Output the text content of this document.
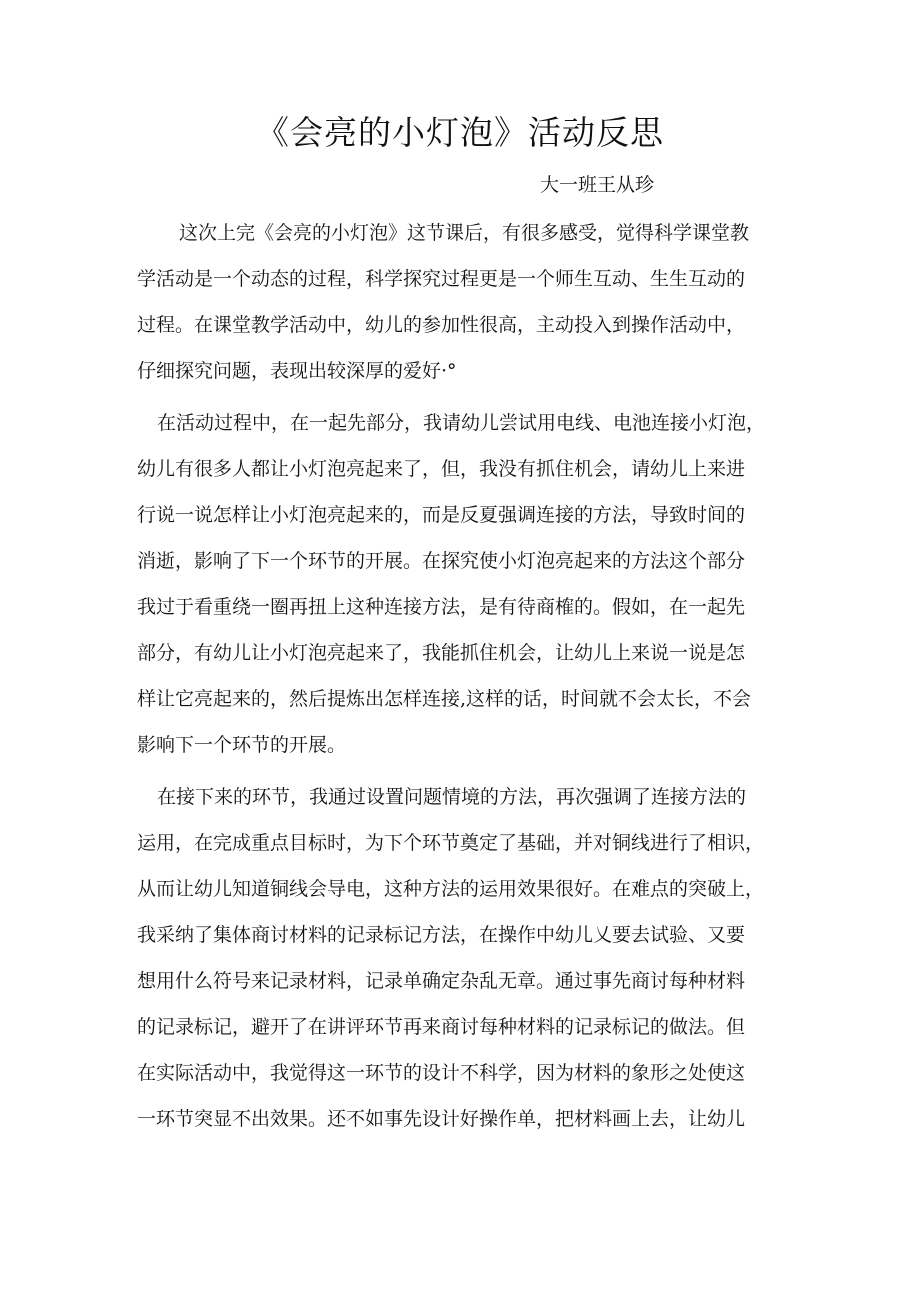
《会亮的小灯泡》活动反思
大一班王从珍

这次上完《会亮的小灯泡》这节课后，有很多感受，觉得科学课堂教
学活动是一个动态的过程，科学探究过程更是一个师生互动、生生互动的
过程。在课堂教学活动中，幼儿的参加性很高，主动投入到操作活动中，
仔细探究问题，表现出较深厚的爱好·°

在活动过程中，在一起先部分，我请幼儿尝试用电线、电池连接小灯泡，
幼儿有很多人都让小灯泡亮起来了，但，我没有抓住机会，请幼儿上来进
行说一说怎样让小灯泡亮起来的，而是反夏强调连接的方法，导致时间的
消逝，影响了下一个环节的开展。在探究使小灯泡亮起来的方法这个部分
我过于看重绕一圈再扭上这种连接方法，是有待商榷的。假如，在一起先
部分，有幼儿让小灯泡亮起来了，我能抓住机会，让幼儿上来说一说是怎
样让它亮起来的，然后提炼出怎样连接,这样的话，时间就不会太长，不会
影响下一个环节的开展。

在接下来的环节，我通过设置问题情境的方法，再次强调了连接方法的
运用，在完成重点目标时，为下个环节奠定了基础，并对铜线进行了相识，
从而让幼儿知道铜线会导电，这种方法的运用效果很好。在难点的突破上，
我采纳了集体商讨材料的记录标记方法，在操作中幼儿乂要去试验、又要
想用什么符号来记录材料，记录单确定杂乱无章。通过事先商讨每种材料
的记录标记，避开了在讲评环节再来商讨每种材料的记录标记的做法。但
在实际活动中，我觉得这一环节的设计不科学，因为材料的象形之处使这
一环节突显不出效果。还不如事先设计好操作单，把材料画上去，让幼儿
